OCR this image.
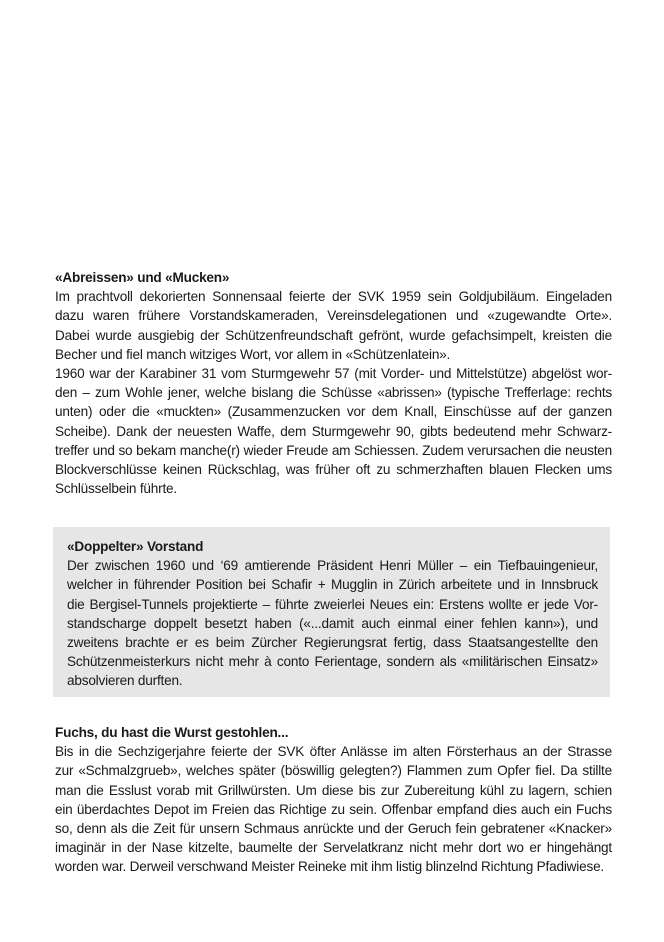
«Abreissen» und «Mucken»
Im prachtvoll dekorierten Sonnensaal feierte der SVK 1959 sein Goldjubiläum. Eingeladen
dazu waren frühere Vorstandskameraden, Vereinsdelegationen und «zugewandte Orte».
Dabei wurde ausgiebig der Schützenfreundschaft gefrönt, wurde gefachsimpelt, kreisten die
Becher und fiel manch witziges Wort, vor allem in «Schützenlatein».
1960 war der Karabiner 31 vom Sturmgewehr 57 (mit Vorder- und Mittelstütze) abgelöst wor-
den – zum Wohle jener, welche bislang die Schüsse «abrissen» (typische Trefferlage: rechts
unten) oder die «muckten» (Zusammenzucken vor dem Knall, Einschüsse auf der ganzen
Scheibe). Dank der neuesten Waffe, dem Sturmgewehr 90, gibts bedeutend mehr Schwarz-
treffer und so bekam manche(r) wieder Freude am Schiessen. Zudem verursachen die neusten
Blockverschlüsse keinen Rückschlag, was früher oft zu schmerzhaften blauen Flecken ums
Schlüsselbein führte.
«Doppelter» Vorstand
Der zwischen 1960 und ‘69 amtierende Präsident Henri Müller – ein Tiefbauingenieur,
welcher in führender Position bei Schafir + Mugglin in Zürich arbeitete und in Innsbruck
die Bergisel-Tunnels projektierte – führte zweierlei Neues ein: Erstens wollte er jede Vor-
standscharge doppelt besetzt haben («...damit auch einmal einer fehlen kann»), und
zweitens brachte er es beim Zürcher Regierungsrat fertig, dass Staatsangestellte den
Schützenmeisterkurs nicht mehr à conto Ferientage, sondern als «militärischen Einsatz»
absolvieren durften.
Fuchs, du hast die Wurst gestohlen...
Bis in die Sechzigerjahre feierte der SVK öfter Anlässe im alten Försterhaus an der Strasse
zur «Schmalzgrueb», welches später (böswillig gelegten?) Flammen zum Opfer fiel. Da stillte
man die Esslust vorab mit Grillwürsten. Um diese bis zur Zubereitung kühl zu lagern, schien
ein überdachtes Depot im Freien das Richtige zu sein. Offenbar empfand dies auch ein Fuchs
so, denn als die Zeit für unsern Schmaus anrückte und der Geruch fein gebratener «Knacker»
imaginär in der Nase kitzelte, baumelte der Servelatkranz nicht mehr dort wo er hingehängt
worden war. Derweil verschwand Meister Reineke mit ihm listig blinzelnd Richtung Pfadiwiese.
